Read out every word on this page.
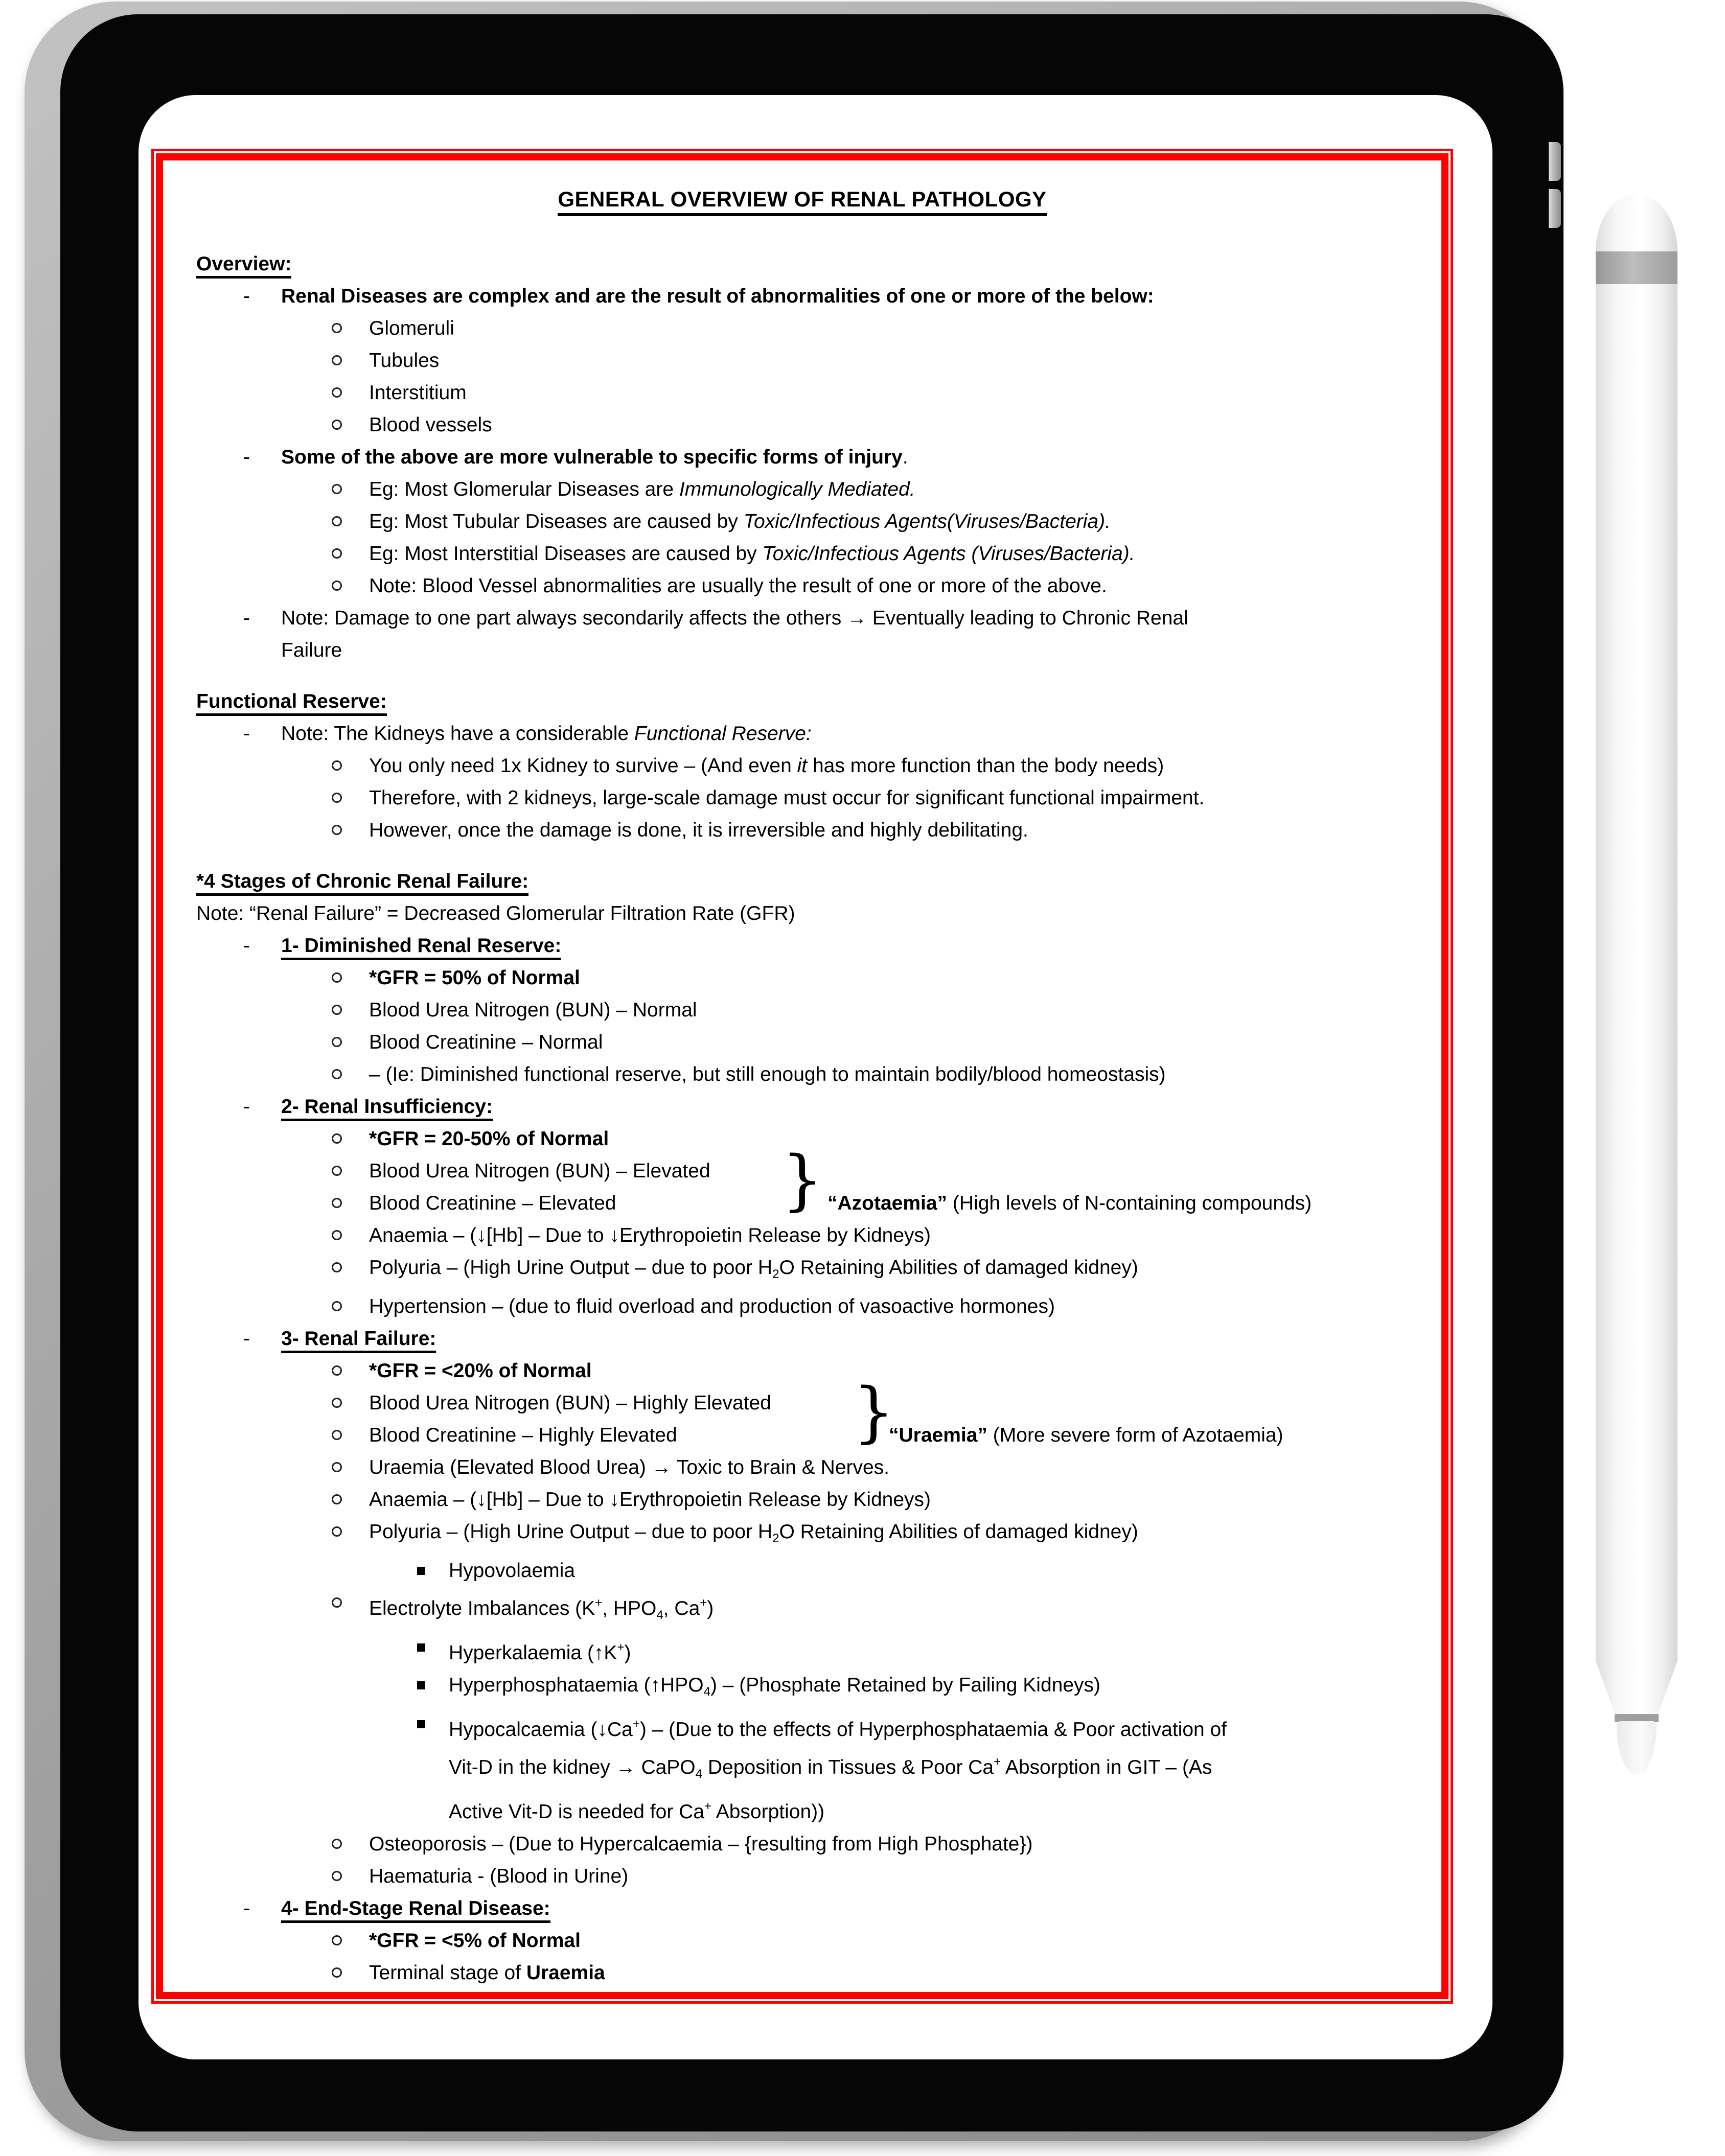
GENERAL OVERVIEW OF RENAL PATHOLOGY
Overview:
-	Renal Diseases are complex and are the result of abnormalities of one or more of the below:
Glomeruli
Tubules
Interstitium
Blood vessels
-	Some of the above are more vulnerable to specific forms of injury.
Eg: Most Glomerular Diseases are Immunologically Mediated.
Eg: Most Tubular Diseases are caused by Toxic/Infectious Agents(Viruses/Bacteria).
Eg: Most Interstitial Diseases are caused by Toxic/Infectious Agents (Viruses/Bacteria).
Note: Blood Vessel abnormalities are usually the result of one or more of the above.
-	Note: Damage to one part always secondarily affects the others → Eventually leading to Chronic Renal
Failure
Functional Reserve:
-	Note: The Kidneys have a considerable Functional Reserve:
You only need 1x Kidney to survive – (And even it has more function than the body needs)
Therefore, with 2 kidneys, large-scale damage must occur for significant functional impairment.
However, once the damage is done, it is irreversible and highly debilitating.
*4 Stages of Chronic Renal Failure:
Note: “Renal Failure” = Decreased Glomerular Filtration Rate (GFR)
-	1- Diminished Renal Reserve:
*GFR = 50% of Normal
Blood Urea Nitrogen (BUN) – Normal
Blood Creatinine – Normal
– (Ie: Diminished functional reserve, but still enough to maintain bodily/blood homeostasis)
-	2- Renal Insufficiency:
*GFR = 20-50% of Normal
Blood Urea Nitrogen (BUN) – Elevated	}
Blood Creatinine – Elevated	“Azotaemia” (High levels of N-containing compounds)
Anaemia – (↓[Hb] – Due to ↓Erythropoietin Release by Kidneys)
Polyuria – (High Urine Output – due to poor $H_2O$ Retaining Abilities of damaged kidney)
Hypertension – (due to fluid overload and production of vasoactive hormones)
-	3- Renal Failure:
*GFR = <20% of Normal
Blood Urea Nitrogen (BUN) – Highly Elevated	}
Blood Creatinine – Highly Elevated	“Uraemia” (More severe form of Azotaemia)
Uraemia (Elevated Blood Urea) → Toxic to Brain & Nerves.
Anaemia – (↓[Hb] – Due to ↓Erythropoietin Release by Kidneys)
Polyuria – (High Urine Output – due to poor $H_2O$ Retaining Abilities of damaged kidney)
Hypovolaemia
Electrolyte Imbalances (K+, $HPO_4$, Ca+)
Hyperkalaemia (↑K+)
Hyperphosphataemia $(↑HPO_4)$ – (Phosphate Retained by Failing Kidneys)
Hypocalcaemia (↓Ca+) – (Due to the effects of Hyperphosphataemia & Poor activation of
Vit-D in the kidney → CaPO$_4$ Deposition in Tissues & Poor Ca+ Absorption in GIT – (As
Active Vit-D is needed for Ca+ Absorption))
Osteoporosis – (Due to Hypercalcaemia – {resulting from High Phosphate})
Haematuria - (Blood in Urine)
-	4- End-Stage Renal Disease:
*GFR = <5% of Normal
Terminal stage of Uraemia
